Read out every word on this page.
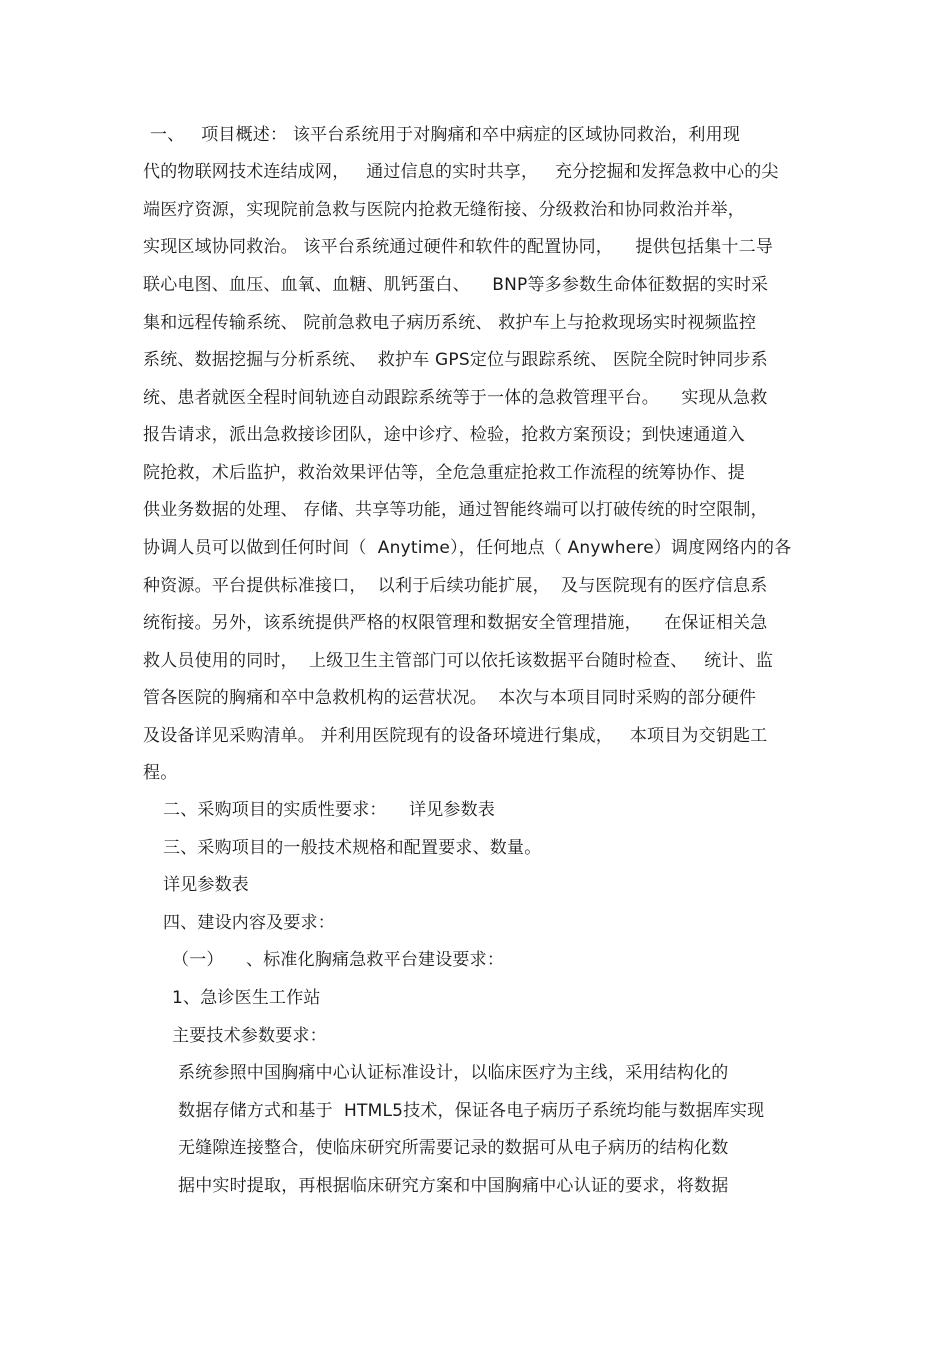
一、   项目概述： 该平台系统用于对胸痛和卒中病症的区域协同救治，利用现
代的物联网技术连结成网，   通过信息的实时共享，   充分挖掘和发挥急救中心的尖
端医疗资源，实现院前急救与医院内抢救无缝衔接、分级救治和协同救治并举，
实现区域协同救治。 该平台系统通过硬件和软件的配置协同，    提供包括集十二导
联心电图、血压、血氧、血糖、肌钙蛋白、    BNP等多参数生命体征数据的实时采
集和远程传输系统、 院前急救电子病历系统、 救护车上与抢救现场实时视频监控
系统、数据挖掘与分析系统、  救护车 GPS定位与跟踪系统、 医院全院时钟同步系
统、患者就医全程时间轨迹自动跟踪系统等于一体的急救管理平台。    实现从急救
报告请求，派出急救接诊团队，途中诊疗、检验，抢救方案预设；到快速通道入
院抢救，术后监护，救治效果评估等，全危急重症抢救工作流程的统筹协作、提
供业务数据的处理、 存储、共享等功能，通过智能终端可以打破传统的时空限制，
协调人员可以做到任何时间（  Anytime），任何地点（ Anywhere）调度网络内的各
种资源。平台提供标准接口，  以利于后续功能扩展，  及与医院现有的医疗信息系
统衔接。另外，该系统提供严格的权限管理和数据安全管理措施，    在保证相关急
救人员使用的同时，  上级卫生主管部门可以依托该数据平台随时检查、   统计、监
管各医院的胸痛和卒中急救机构的运营状况。  本次与本项目同时采购的部分硬件
及设备详见采购清单。 并利用医院现有的设备环境进行集成，   本项目为交钥匙工
程。
二、采购项目的实质性要求：    详见参数表
三、采购项目的一般技术规格和配置要求、数量。
详见参数表
四、建设内容及要求：
（一）    、标准化胸痛急救平台建设要求：
1、急诊医生工作站
主要技术参数要求：
系统参照中国胸痛中心认证标准设计，以临床医疗为主线，采用结构化的
数据存储方式和基于  HTML5技术，保证各电子病历子系统均能与数据库实现
无缝隙连接整合，使临床研究所需要记录的数据可从电子病历的结构化数
据中实时提取，再根据临床研究方案和中国胸痛中心认证的要求，将数据
